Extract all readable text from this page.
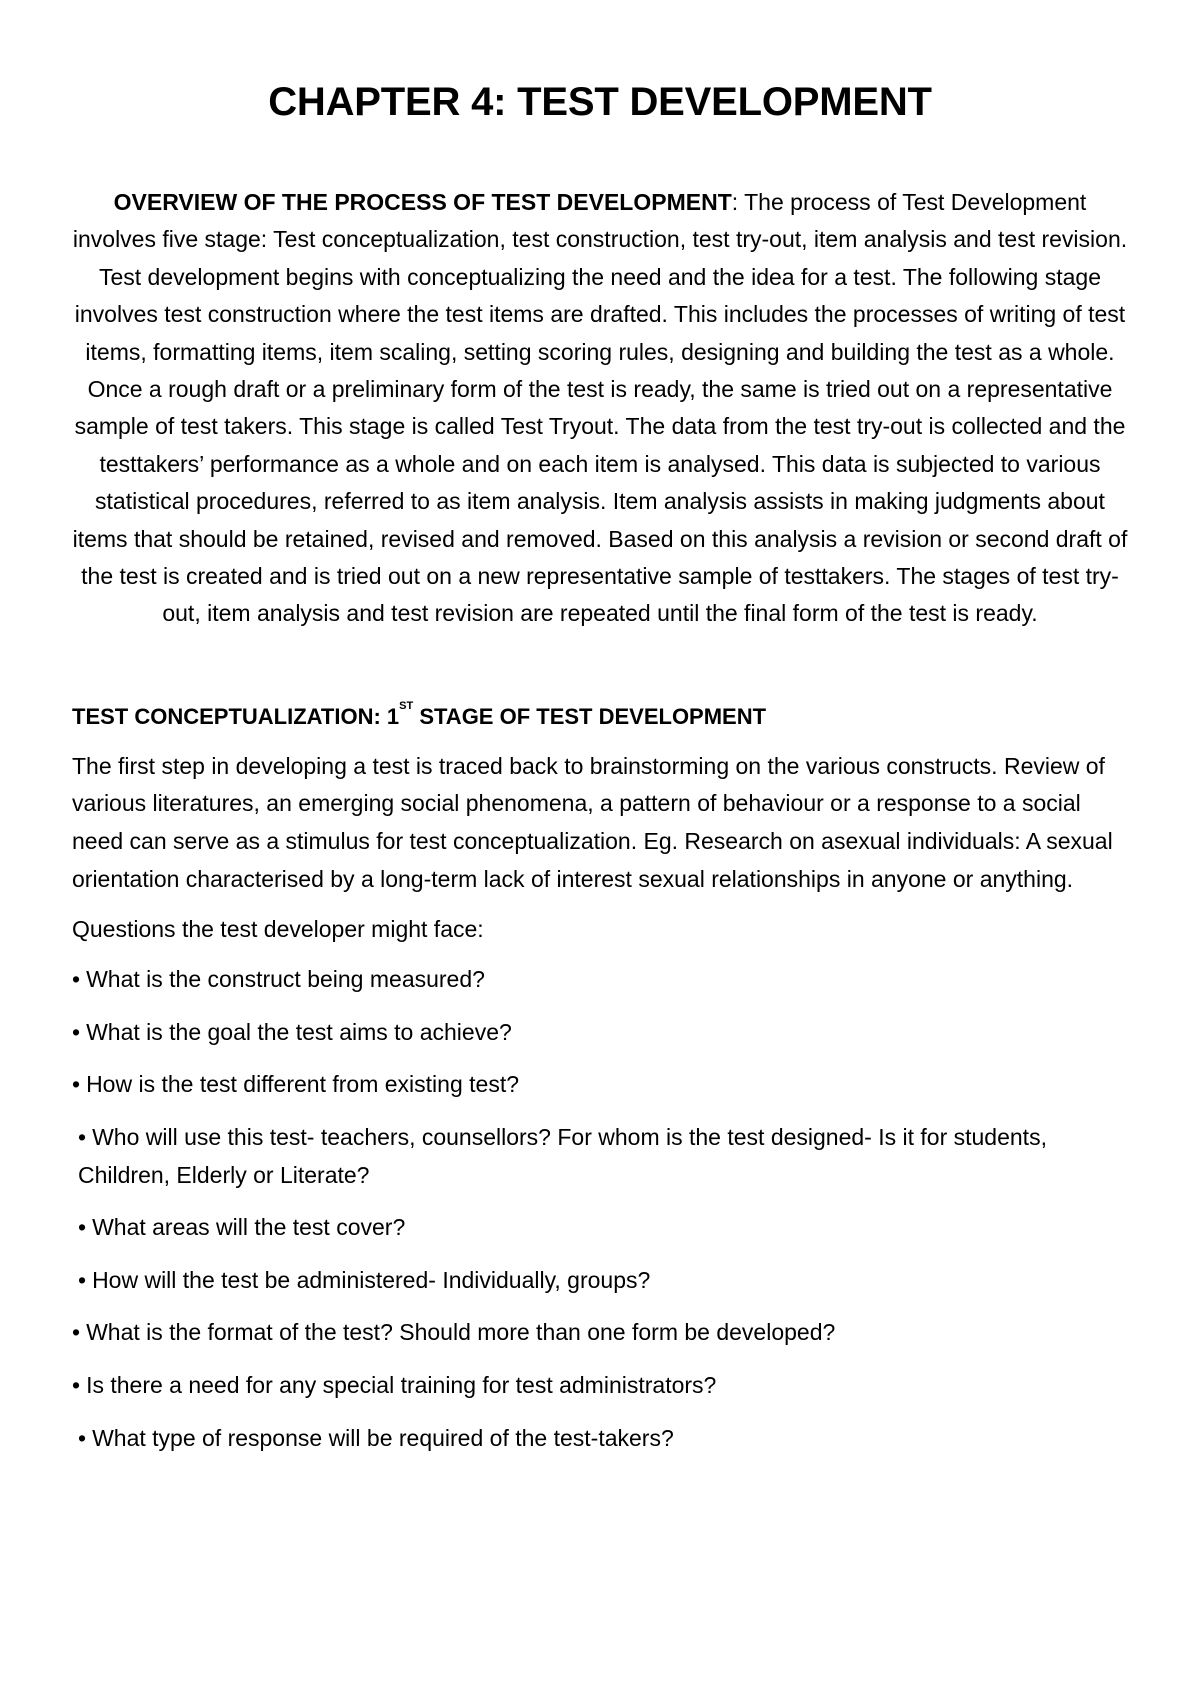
CHAPTER 4: TEST DEVELOPMENT

OVERVIEW OF THE PROCESS OF TEST DEVELOPMENT: The process of Test Development involves five stage: Test conceptualization, test construction, test try-out, item analysis and test revision. Test development begins with conceptualizing the need and the idea for a test. The following stage involves test construction where the test items are drafted. This includes the processes of writing of test items, formatting items, item scaling, setting scoring rules, designing and building the test as a whole. Once a rough draft or a preliminary form of the test is ready, the same is tried out on a representative sample of test takers. This stage is called Test Tryout. The data from the test try-out is collected and the testtakers’ performance as a whole and on each item is analysed. This data is subjected to various statistical procedures, referred to as item analysis. Item analysis assists in making judgments about items that should be retained, revised and removed. Based on this analysis a revision or second draft of the test is created and is tried out on a new representative sample of testtakers. The stages of test try-out, item analysis and test revision are repeated until the final form of the test is ready.

TEST CONCEPTUALIZATION: 1ST STAGE OF TEST DEVELOPMENT

The first step in developing a test is traced back to brainstorming on the various constructs. Review of various literatures, an emerging social phenomena, a pattern of behaviour or a response to a social need can serve as a stimulus for test conceptualization. Eg. Research on asexual individuals: A sexual orientation characterised by a long-term lack of interest sexual relationships in anyone or anything.

Questions the test developer might face:

• What is the construct being measured?
• What is the goal the test aims to achieve?
• How is the test different from existing test?
• Who will use this test- teachers, counsellors? For whom is the test designed- Is it for students, Children, Elderly or Literate?
• What areas will the test cover?
• How will the test be administered- Individually, groups?
• What is the format of the test? Should more than one form be developed?
• Is there a need for any special training for test administrators?
• What type of response will be required of the test-takers?
